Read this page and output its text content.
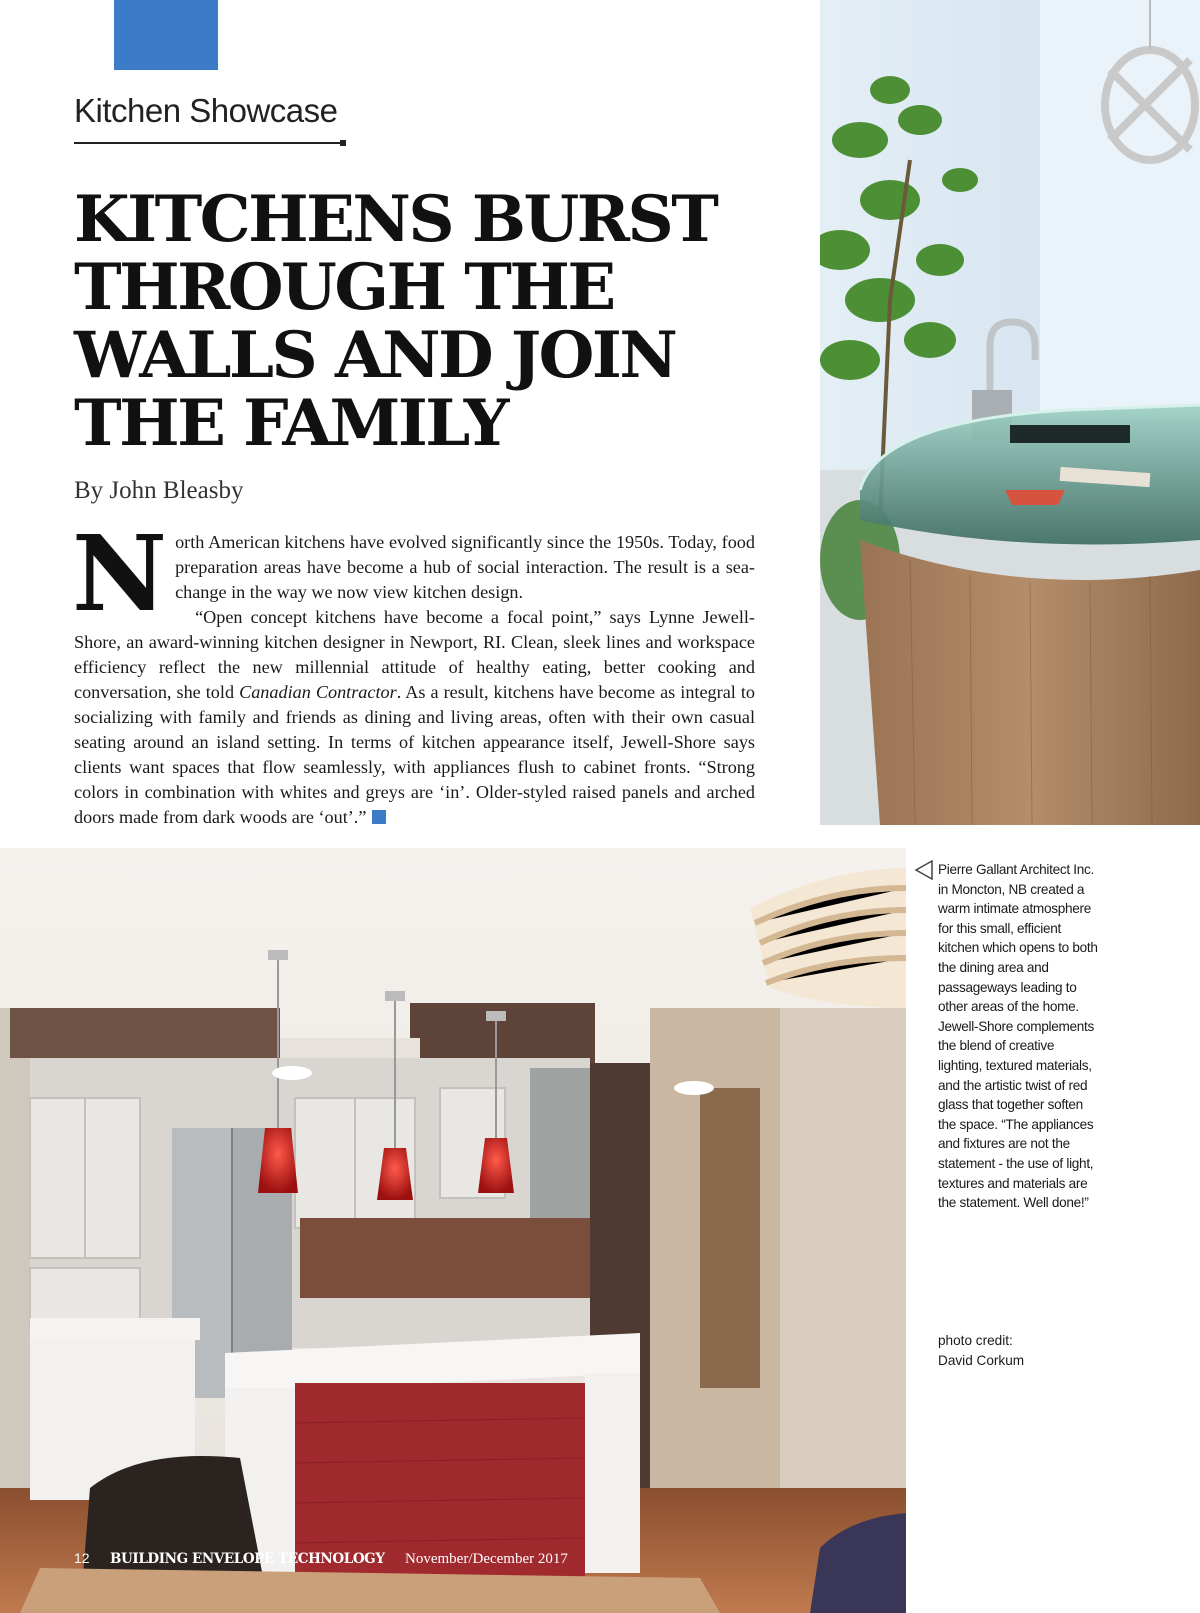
Kitchen Showcase
KITCHENS BURST
THROUGH THE
WALLS AND JOIN
THE FAMILY
By John Bleasby
N orth American kitchens have evolved significantly since the 1950s. Today, food preparation areas have become a hub of social interaction. The result is a sea-change in the way we now view kitchen design.

“Open concept kitchens have become a focal point,” says Lynne Jewell-Shore, an award-winning kitchen designer in Newport, RI. Clean, sleek lines and workspace efficiency reflect the new millennial attitude of healthy eating, better cooking and conversation, she told Canadian Contractor. As a result, kitchens have become as integral to socializing with family and friends as dining and living areas, often with their own casual seating around an island setting. In terms of kitchen appearance itself, Jewell-Shore says clients want spaces that flow seamlessly, with appliances flush to cabinet fronts. “Strong colors in combination with whites and greys are ‘in’. Older-styled raised panels and arched doors made from dark woods are ‘out’.”

Pierre Gallant Architect Inc. in Moncton, NB created a warm intimate atmosphere for this small, efficient kitchen which opens to both the dining area and passageways leading to other areas of the home. Jewell-Shore complements the blend of creative lighting, textured materials, and the artistic twist of red glass that together soften the space. “The appliances and fixtures are not the statement - the use of light, textures and materials are the statement. Well done!”

photo credit:
David Corkum
12 BUILDING ENVELOPE TECHNOLOGY November/December 2017
